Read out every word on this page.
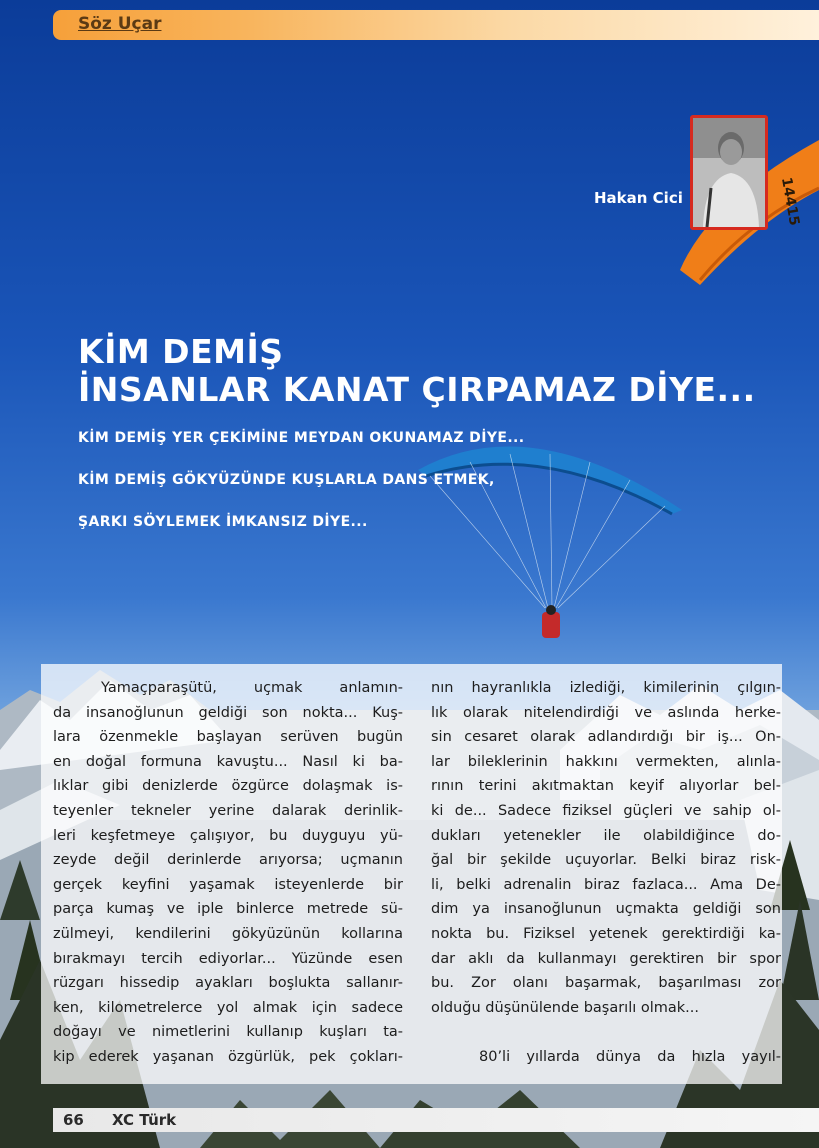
Söz Uçar
14415
Hakan Cici
KİM DEMİŞ
İNSANLAR KANAT ÇIRPAMAZ DİYE...
KİM DEMİŞ YER ÇEKİMİNE MEYDAN OKUNAMAZ DİYE...
KİM DEMİŞ GÖKYÜZÜNDE KUŞLARLA DANS ETMEK,
ŞARKI SÖYLEMEK İMKANSIZ DİYE...
Yamaçparaşütü, uçmak anlamın-
da insanoğlunun geldiği son nokta... Kuş-
lara özenmekle başlayan serüven bugün
en doğal formuna kavuştu... Nasıl ki ba-
lıklar gibi denizlerde özgürce dolaşmak is-
teyenler tekneler yerine dalarak derinlik-
leri keşfetmeye çalışıyor, bu duyguyu yü-
zeyde değil derinlerde arıyorsa; uçmanın
gerçek keyfini yaşamak isteyenlerde bir
parça kumaş ve iple binlerce metrede sü-
zülmeyi, kendilerini gökyüzünün kollarına
bırakmayı tercih ediyorlar... Yüzünde esen
rüzgarı hissedip ayakları boşlukta sallanır-
ken, kilometrelerce yol almak için sadece
doğayı ve nimetlerini kullanıp kuşları ta-
kip ederek yaşanan özgürlük, pek çokları-
nın hayranlıkla izlediği, kimilerinin çılgın-
lık olarak nitelendirdiği ve aslında herke-
sin cesaret olarak adlandırdığı bir iş... On-
lar bileklerinin hakkını vermekten, alınla-
rının terini akıtmaktan keyif alıyorlar bel-
ki de... Sadece fiziksel güçleri ve sahip ol-
dukları yetenekler ile olabildiğince do-
ğal bir şekilde uçuyorlar. Belki biraz risk-
li, belki adrenalin biraz fazlaca... Ama De-
dim ya insanoğlunun uçmakta geldiği son
nokta bu. Fiziksel yetenek gerektirdiği ka-
dar aklı da kullanmayı gerektiren bir spor
bu. Zor olanı başarmak, başarılması zor
olduğu düşünülende başarılı olmak...
80’li yıllarda dünya da hızla yayıl-
66 XC Türk
